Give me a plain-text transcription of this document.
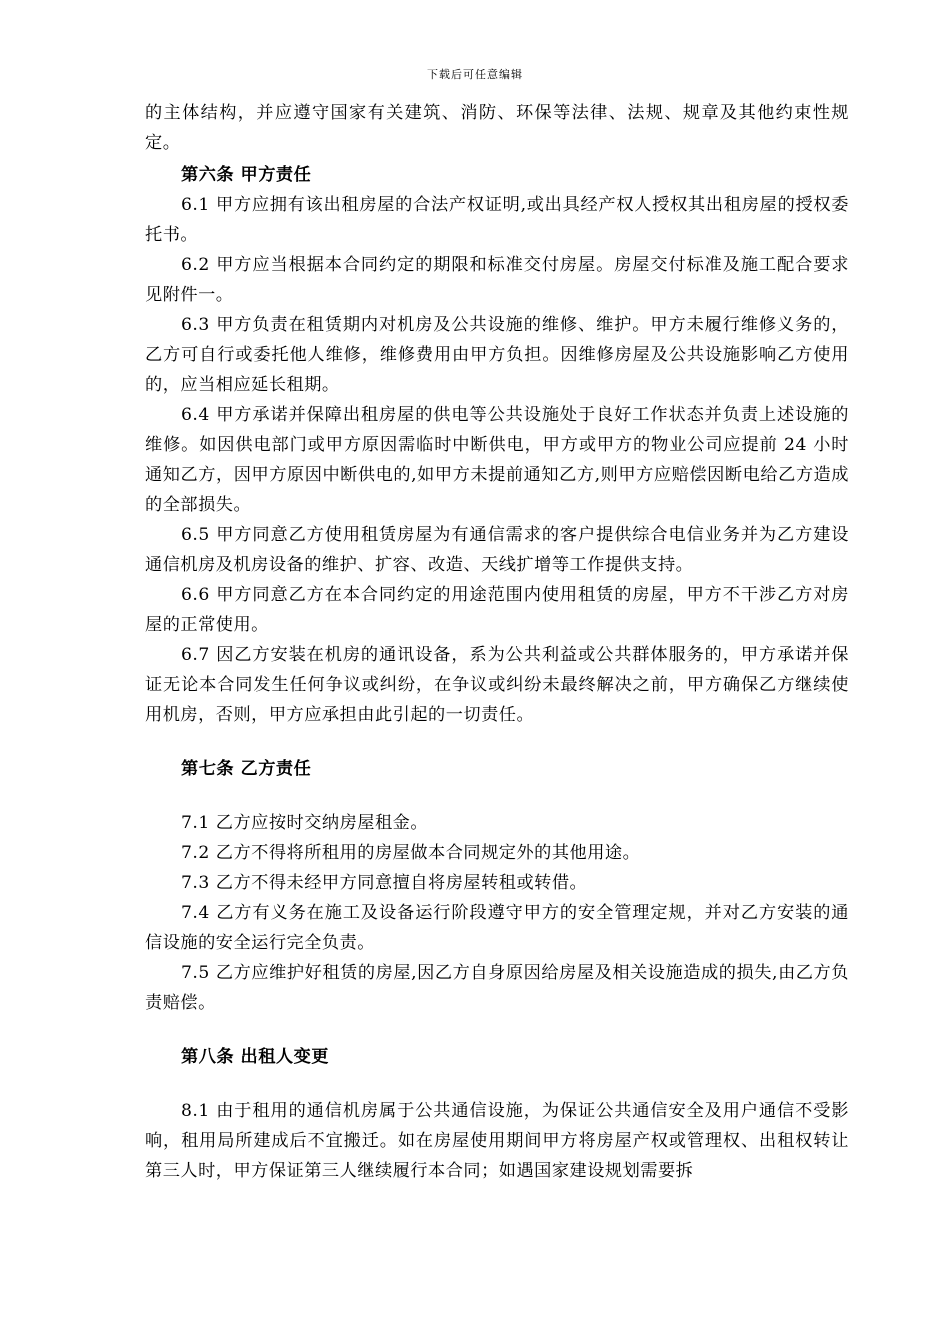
下载后可任意编辑

的主体结构，并应遵守国家有关建筑、消防、环保等法律、法规、规章及其他约束性规定。

第六条 甲方责任

6.1 甲方应拥有该出租房屋的合法产权证明,或出具经产权人授权其出租房屋的授权委托书。

6.2 甲方应当根据本合同约定的期限和标准交付房屋。房屋交付标准及施工配合要求见附件一。

6.3 甲方负责在租赁期内对机房及公共设施的维修、维护。甲方未履行维修义务的，乙方可自行或委托他人维修，维修费用由甲方负担。因维修房屋及公共设施影响乙方使用的，应当相应延长租期。

6.4 甲方承诺并保障出租房屋的供电等公共设施处于良好工作状态并负责上述设施的维修。如因供电部门或甲方原因需临时中断供电，甲方或甲方的物业公司应提前 24 小时通知乙方，因甲方原因中断供电的,如甲方未提前通知乙方,则甲方应赔偿因断电给乙方造成的全部损失。

6.5 甲方同意乙方使用租赁房屋为有通信需求的客户提供综合电信业务并为乙方建设通信机房及机房设备的维护、扩容、改造、天线扩增等工作提供支持。

6.6 甲方同意乙方在本合同约定的用途范围内使用租赁的房屋，甲方不干涉乙方对房屋的正常使用。

6.7 因乙方安装在机房的通讯设备，系为公共利益或公共群体服务的，甲方承诺并保证无论本合同发生任何争议或纠纷，在争议或纠纷未最终解决之前，甲方确保乙方继续使用机房，否则，甲方应承担由此引起的一切责任。

第七条 乙方责任

7.1 乙方应按时交纳房屋租金。

7.2 乙方不得将所租用的房屋做本合同规定外的其他用途。

7.3 乙方不得未经甲方同意擅自将房屋转租或转借。

7.4 乙方有义务在施工及设备运行阶段遵守甲方的安全管理定规，并对乙方安装的通信设施的安全运行完全负责。

7.5 乙方应维护好租赁的房屋,因乙方自身原因给房屋及相关设施造成的损失,由乙方负责赔偿。

第八条 出租人变更

8.1 由于租用的通信机房属于公共通信设施，为保证公共通信安全及用户通信不受影响，租用局所建成后不宜搬迁。如在房屋使用期间甲方将房屋产权或管理权、出租权转让第三人时，甲方保证第三人继续履行本合同；如遇国家建设规划需要拆
